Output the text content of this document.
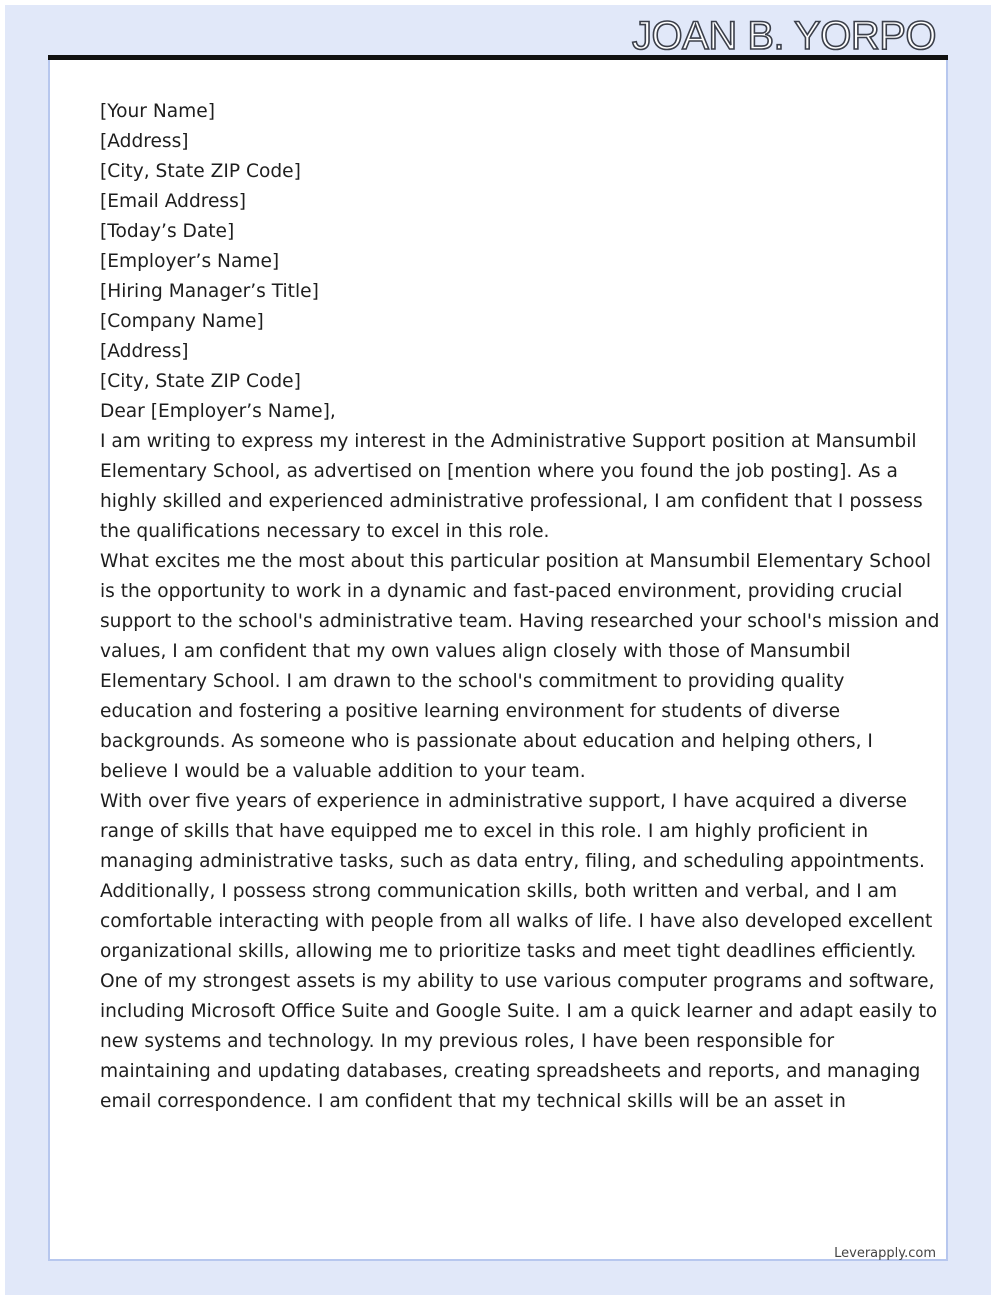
JOAN B. YORPO

[Your Name]
[Address]
[City, State ZIP Code]
[Email Address]
[Today’s Date]

[Employer’s Name]
[Hiring Manager’s Title]
[Company Name]
[Address]
[City, State ZIP Code]

Dear [Employer’s Name],

I am writing to express my interest in the Administrative Support position at Mansumbil
Elementary School, as advertised on [mention where you found the job posting]. As a
highly skilled and experienced administrative professional, I am confident that I possess
the qualifications necessary to excel in this role.

What excites me the most about this particular position at Mansumbil Elementary School
is the opportunity to work in a dynamic and fast-paced environment, providing crucial
support to the school's administrative team. Having researched your school's mission and
values, I am confident that my own values align closely with those of Mansumbil
Elementary School. I am drawn to the school's commitment to providing quality
education and fostering a positive learning environment for students of diverse
backgrounds. As someone who is passionate about education and helping others, I
believe I would be a valuable addition to your team.

With over five years of experience in administrative support, I have acquired a diverse
range of skills that have equipped me to excel in this role. I am highly proficient in
managing administrative tasks, such as data entry, filing, and scheduling appointments.
Additionally, I possess strong communication skills, both written and verbal, and I am
comfortable interacting with people from all walks of life. I have also developed excellent
organizational skills, allowing me to prioritize tasks and meet tight deadlines efficiently.

One of my strongest assets is my ability to use various computer programs and software,
including Microsoft Office Suite and Google Suite. I am a quick learner and adapt easily to
new systems and technology. In my previous roles, I have been responsible for
maintaining and updating databases, creating spreadsheets and reports, and managing
email correspondence. I am confident that my technical skills will be an asset in

Leverapply.com
